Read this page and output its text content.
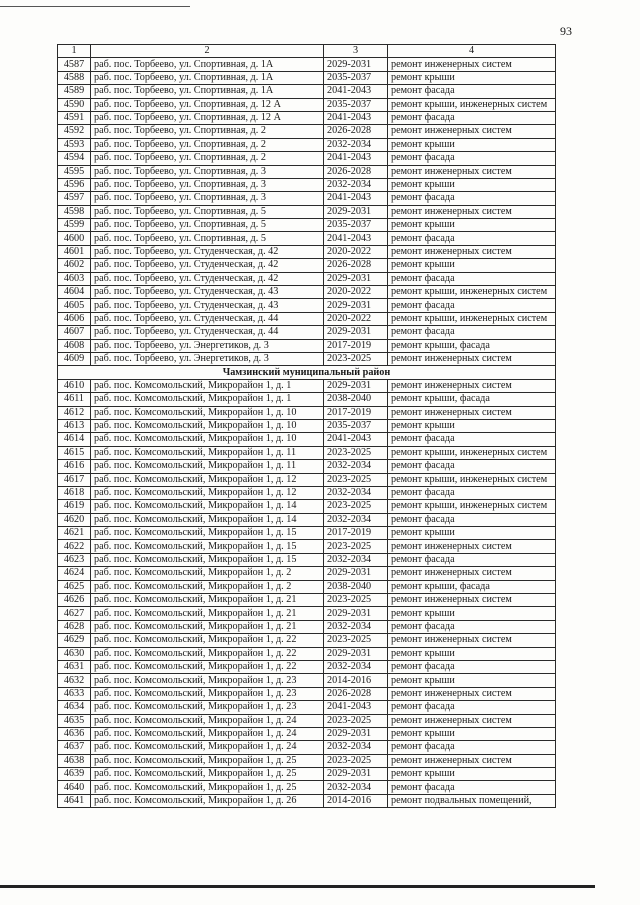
93
1	2	3	4
4587	раб. пос. Торбеево, ул. Спортивная, д. 1А	2029-2031	ремонт инженерных систем
4588	раб. пос. Торбеево, ул. Спортивная, д. 1А	2035-2037	ремонт крыши
4589	раб. пос. Торбеево, ул. Спортивная, д. 1А	2041-2043	ремонт фасада
4590	раб. пос. Торбеево, ул. Спортивная, д. 12 А	2035-2037	ремонт крыши, инженерных систем
4591	раб. пос. Торбеево, ул. Спортивная, д. 12 А	2041-2043	ремонт фасада
4592	раб. пос. Торбеево, ул. Спортивная, д. 2	2026-2028	ремонт инженерных систем
4593	раб. пос. Торбеево, ул. Спортивная, д. 2	2032-2034	ремонт крыши
4594	раб. пос. Торбеево, ул. Спортивная, д. 2	2041-2043	ремонт фасада
4595	раб. пос. Торбеево, ул. Спортивная, д. 3	2026-2028	ремонт инженерных систем
4596	раб. пос. Торбеево, ул. Спортивная, д. 3	2032-2034	ремонт крыши
4597	раб. пос. Торбеево, ул. Спортивная, д. 3	2041-2043	ремонт фасада
4598	раб. пос. Торбеево, ул. Спортивная, д. 5	2029-2031	ремонт инженерных систем
4599	раб. пос. Торбеево, ул. Спортивная, д. 5	2035-2037	ремонт крыши
4600	раб. пос. Торбеево, ул. Спортивная, д. 5	2041-2043	ремонт фасада
4601	раб. пос. Торбеево, ул. Студенческая, д. 42	2020-2022	ремонт инженерных систем
4602	раб. пос. Торбеево, ул. Студенческая, д. 42	2026-2028	ремонт крыши
4603	раб. пос. Торбеево, ул. Студенческая, д. 42	2029-2031	ремонт фасада
4604	раб. пос. Торбеево, ул. Студенческая, д. 43	2020-2022	ремонт крыши, инженерных систем
4605	раб. пос. Торбеево, ул. Студенческая, д. 43	2029-2031	ремонт фасада
4606	раб. пос. Торбеево, ул. Студенческая, д. 44	2020-2022	ремонт крыши, инженерных систем
4607	раб. пос. Торбеево, ул. Студенческая, д. 44	2029-2031	ремонт фасада
4608	раб. пос. Торбеево, ул. Энергетиков, д. 3	2017-2019	ремонт крыши, фасада
4609	раб. пос. Торбеево, ул. Энергетиков, д. 3	2023-2025	ремонт инженерных систем
Чамзинский муниципальный район			
4610	раб. пос. Комсомольский, Микрорайон 1, д. 1	2029-2031	ремонт инженерных систем
4611	раб. пос. Комсомольский, Микрорайон 1, д. 1	2038-2040	ремонт крыши, фасада
4612	раб. пос. Комсомольский, Микрорайон 1, д. 10	2017-2019	ремонт инженерных систем
4613	раб. пос. Комсомольский, Микрорайон 1, д. 10	2035-2037	ремонт крыши
4614	раб. пос. Комсомольский, Микрорайон 1, д. 10	2041-2043	ремонт фасада
4615	раб. пос. Комсомольский, Микрорайон 1, д. 11	2023-2025	ремонт крыши, инженерных систем
4616	раб. пос. Комсомольский, Микрорайон 1, д. 11	2032-2034	ремонт фасада
4617	раб. пос. Комсомольский, Микрорайон 1, д. 12	2023-2025	ремонт крыши, инженерных систем
4618	раб. пос. Комсомольский, Микрорайон 1, д. 12	2032-2034	ремонт фасада
4619	раб. пос. Комсомольский, Микрорайон 1, д. 14	2023-2025	ремонт крыши, инженерных систем
4620	раб. пос. Комсомольский, Микрорайон 1, д. 14	2032-2034	ремонт фасада
4621	раб. пос. Комсомольский, Микрорайон 1, д. 15	2017-2019	ремонт крыши
4622	раб. пос. Комсомольский, Микрорайон 1, д. 15	2023-2025	ремонт инженерных систем
4623	раб. пос. Комсомольский, Микрорайон 1, д. 15	2032-2034	ремонт фасада
4624	раб. пос. Комсомольский, Микрорайон 1, д. 2	2029-2031	ремонт инженерных систем
4625	раб. пос. Комсомольский, Микрорайон 1, д. 2	2038-2040	ремонт крыши, фасада
4626	раб. пос. Комсомольский, Микрорайон 1, д. 21	2023-2025	ремонт инженерных систем
4627	раб. пос. Комсомольский, Микрорайон 1, д. 21	2029-2031	ремонт крыши
4628	раб. пос. Комсомольский, Микрорайон 1, д. 21	2032-2034	ремонт фасада
4629	раб. пос. Комсомольский, Микрорайон 1, д. 22	2023-2025	ремонт инженерных систем
4630	раб. пос. Комсомольский, Микрорайон 1, д. 22	2029-2031	ремонт крыши
4631	раб. пос. Комсомольский, Микрорайон 1, д. 22	2032-2034	ремонт фасада
4632	раб. пос. Комсомольский, Микрорайон 1, д. 23	2014-2016	ремонт крыши
4633	раб. пос. Комсомольский, Микрорайон 1, д. 23	2026-2028	ремонт инженерных систем
4634	раб. пос. Комсомольский, Микрорайон 1, д. 23	2041-2043	ремонт фасада
4635	раб. пос. Комсомольский, Микрорайон 1, д. 24	2023-2025	ремонт инженерных систем
4636	раб. пос. Комсомольский, Микрорайон 1, д. 24	2029-2031	ремонт крыши
4637	раб. пос. Комсомольский, Микрорайон 1, д. 24	2032-2034	ремонт фасада
4638	раб. пос. Комсомольский, Микрорайон 1, д. 25	2023-2025	ремонт инженерных систем
4639	раб. пос. Комсомольский, Микрорайон 1, д. 25	2029-2031	ремонт крыши
4640	раб. пос. Комсомольский, Микрорайон 1, д. 25	2032-2034	ремонт фасада
4641	раб. пос. Комсомольский, Микрорайон 1, д. 26	2014-2016	ремонт подвальных помещений,
